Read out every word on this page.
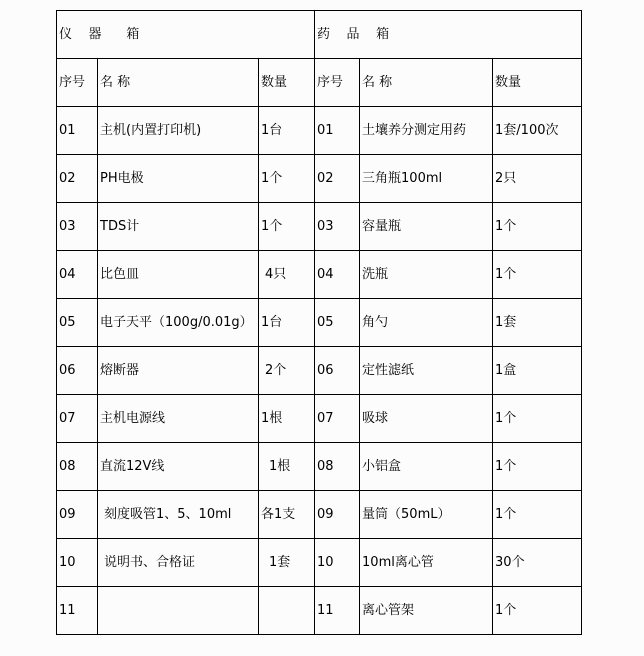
仪    器      箱			药    品    箱		
序号	名 称	数量	序号	名 称	数量
01	主机(内置打印机)	1台	01	土壤养分测定用药	1套/100次
02	PH电极	1个	02	三角瓶100ml	2只
03	TDS计	1个	03	容量瓶	1个
04	比色皿	4只	04	洗瓶	1个
05	电子天平（100g/0.01g）	1台	05	角勺	1套
06	熔断器	2个	06	定性滤纸	1盒
07	主机电源线	1根	07	吸球	1个
08	直流12V线	1根	08	小铝盒	1个
09	刻度吸管1、5、10ml	各1支	09	量筒（50mL）	1个
10	说明书、合格证	1套	10	10ml离心管	30个
11			11	离心管架	1个
